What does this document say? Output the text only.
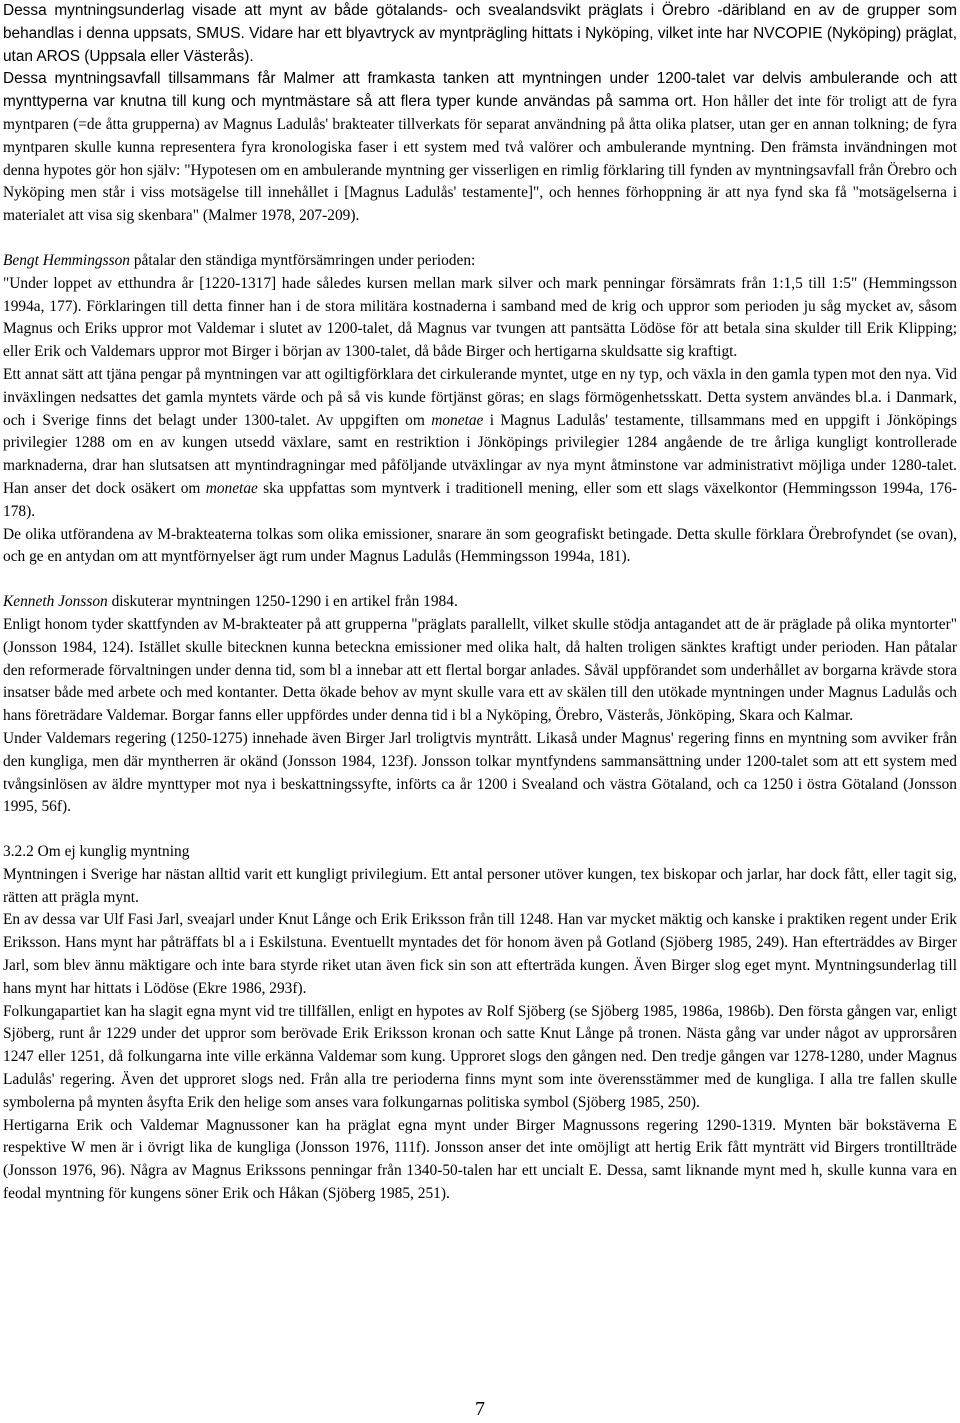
Dessa myntningsunderlag visade att mynt av både götalands- och svealandsvikt präglats i Örebro -däribland en av de grupper som behandlas i denna uppsats, SMUS. Vidare har ett blyavtryck av myntprägling hittats i Nyköping, vilket inte har NVCOPIE (Nyköping) präglat, utan AROS (Uppsala eller Västerås).
Dessa myntningsavfall tillsammans får Malmer att framkasta tanken att myntningen under 1200-talet var delvis ambulerande och att mynttyperna var knutna till kung och myntmästare så att flera typer kunde användas på samma ort. Hon håller det inte för troligt att de fyra myntparen (=de åtta grupperna) av Magnus Ladulås' brakteater tillverkats för separat användning på åtta olika platser, utan ger en annan tolkning; de fyra myntparen skulle kunna representera fyra kronologiska faser i ett system med två valörer och ambulerande myntning. Den främsta invändningen mot denna hypotes gör hon själv: "Hypotesen om en ambulerande myntning ger visserligen en rimlig förklaring till fynden av myntningsavfall från Örebro och Nyköping men står i viss motsägelse till innehållet i [Magnus Ladulås' testamente]", och hennes förhoppning är att nya fynd ska få "motsägelserna i materialet att visa sig skenbara" (Malmer 1978, 207-209).

Bengt Hemmingsson påtalar den ständiga myntförsämringen under perioden:

"Under loppet av etthundra år [1220-1317] hade således kursen mellan mark silver och mark penningar försämrats från 1:1,5 till 1:5" (Hemmingsson 1994a, 177). Förklaringen till detta finner han i de stora militära kostnaderna i samband med de krig och uppror som perioden ju såg mycket av, såsom Magnus och Eriks uppror mot Valdemar i slutet av 1200-talet, då Magnus var tvungen att pantsätta Lödöse för att betala sina skulder till Erik Klipping; eller Erik och Valdemars uppror mot Birger i början av 1300-talet, då både Birger och hertigarna skuldsatte sig kraftigt.

Ett annat sätt att tjäna pengar på myntningen var att ogiltigförklara det cirkulerande myntet, utge en ny typ, och växla in den gamla typen mot den nya. Vid inväxlingen nedsattes det gamla myntets värde och på så vis kunde förtjänst göras; en slags förmögenhetsskatt. Detta system användes bl.a. i Danmark, och i Sverige finns det belagt under 1300-talet. Av uppgiften om monetae i Magnus Ladulås' testamente, tillsammans med en uppgift i Jönköpings privilegier 1288 om en av kungen utsedd växlare, samt en restriktion i Jönköpings privilegier 1284 angående de tre årliga kungligt kontrollerade marknaderna, drar han slutsatsen att myntindragningar med påföljande utväxlingar av nya mynt åtminstone var administrativt möjliga under 1280-talet. Han anser det dock osäkert om monetae ska uppfattas som myntverk i traditionell mening, eller som ett slags växelkontor (Hemmingsson 1994a, 176-178).

De olika utförandena av M-brakteaterna tolkas som olika emissioner, snarare än som geografiskt betingade. Detta skulle förklara Örebrofyndet (se ovan), och ge en antydan om att myntförnyelser ägt rum under Magnus Ladulås (Hemmingsson 1994a, 181).

Kenneth Jonsson diskuterar myntningen 1250-1290 i en artikel från 1984.

Enligt honom tyder skattfynden av M-brakteater på att grupperna "präglats parallellt, vilket skulle stödja antagandet att de är präglade på olika myntorter" (Jonsson 1984, 124). Istället skulle bitecknen kunna beteckna emissioner med olika halt, då halten troligen sänktes kraftigt under perioden. Han påtalar den reformerade förvaltningen under denna tid, som bl a innebar att ett flertal borgar anlades. Såväl uppförandet som underhållet av borgarna krävde stora insatser både med arbete och med kontanter. Detta ökade behov av mynt skulle vara ett av skälen till den utökade myntningen under Magnus Ladulås och hans företrädare Valdemar. Borgar fanns eller uppfördes under denna tid i bl a Nyköping, Örebro, Västerås, Jönköping, Skara och Kalmar.

Under Valdemars regering (1250-1275) innehade även Birger Jarl troligtvis myntrått. Likaså under Magnus' regering finns en myntning som avviker från den kungliga, men där myntherren är okänd (Jonsson 1984, 123f). Jonsson tolkar myntfyndens sammansättning under 1200-talet som att ett system med tvångsinlösen av äldre mynttyper mot nya i beskattningssyfte, införts ca år 1200 i Svealand och västra Götaland, och ca 1250 i östra Götaland (Jonsson 1995, 56f).

3.2.2 Om ej kunglig myntning

Myntningen i Sverige har nästan alltid varit ett kungligt privilegium. Ett antal personer utöver kungen, tex biskopar och jarlar, har dock fått, eller tagit sig, rätten att prägla mynt.

En av dessa var Ulf Fasi Jarl, sveajarl under Knut Långe och Erik Eriksson från till 1248. Han var mycket mäktig och kanske i praktiken regent under Erik Eriksson. Hans mynt har påträffats bl a i Eskilstuna. Eventuellt myntades det för honom även på Gotland (Sjöberg 1985, 249). Han efterträddes av Birger Jarl, som blev ännu mäktigare och inte bara styrde riket utan även fick sin son att efterträda kungen. Även Birger slog eget mynt. Myntningsunderlag till hans mynt har hittats i Lödöse (Ekre 1986, 293f).

Folkungapartiet kan ha slagit egna mynt vid tre tillfällen, enligt en hypotes av Rolf Sjöberg (se Sjöberg 1985, 1986a, 1986b). Den första gången var, enligt Sjöberg, runt år 1229 under det uppror som berövade Erik Eriksson kronan och satte Knut Långe på tronen. Nästa gång var under något av upprorsåren 1247 eller 1251, då folkungarna inte ville erkänna Valdemar som kung. Upproret slogs den gången ned. Den tredje gången var 1278-1280, under Magnus Ladulås' regering. Även det upproret slogs ned. Från alla tre perioderna finns mynt som inte överensstämmer med de kungliga. I alla tre fallen skulle symbolerna på mynten åsyfta Erik den helige som anses vara folkungarnas politiska symbol (Sjöberg 1985, 250).

Hertigarna Erik och Valdemar Magnussoner kan ha präglat egna mynt under Birger Magnussons regering 1290-1319. Mynten bär bokstäverna E respektive W men är i övrigt lika de kungliga (Jonsson 1976, 111f). Jonsson anser det inte omöjligt att hertig Erik fått mynträtt vid Birgers trontillträde (Jonsson 1976, 96). Några av Magnus Erikssons penningar från 1340-50-talen har ett uncialt E. Dessa, samt liknande mynt med h, skulle kunna vara en feodal myntning för kungens söner Erik och Håkan (Sjöberg 1985, 251).

7
